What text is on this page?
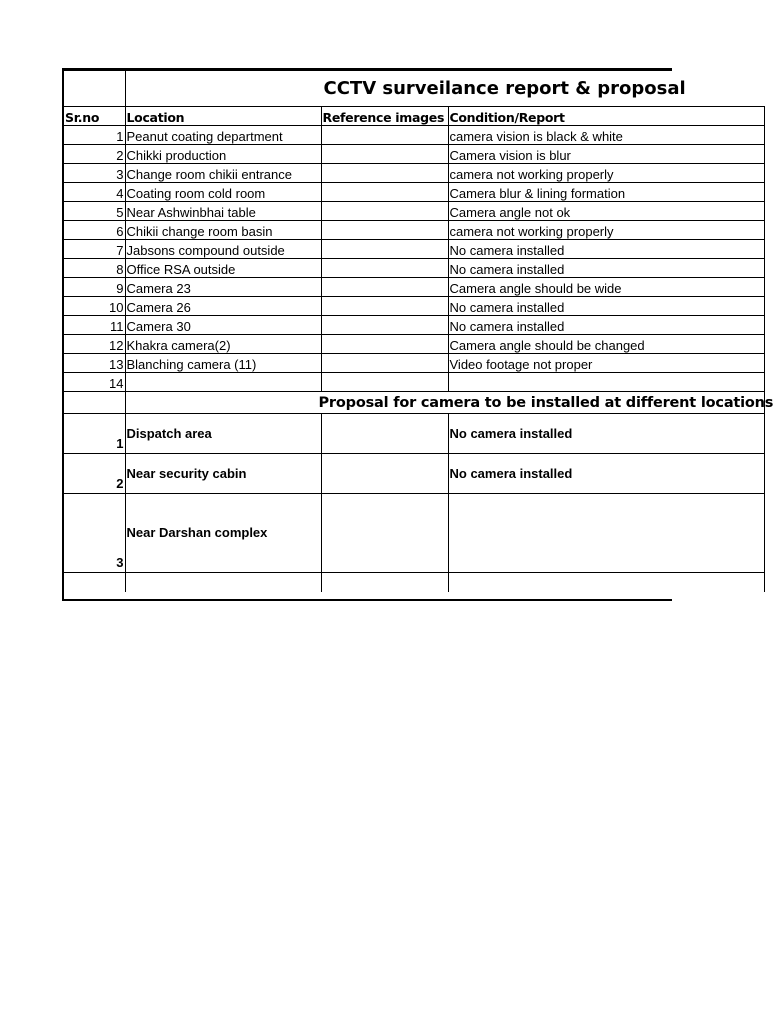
	CCTV surveilance report & proposal		
Sr.no	Location	Reference images	Condition/Report
1	Peanut coating department		camera vision is black & white
2	Chikki production		Camera vision is blur
3	Change room chikii entrance		camera not working properly
4	Coating room cold room		Camera blur & lining formation
5	Near Ashwinbhai table		Camera angle not ok
6	Chikii change room basin		camera not working properly
7	Jabsons compound outside		No camera installed
8	Office RSA outside		No camera installed
9	Camera 23		Camera angle should be wide
10	Camera 26		No camera installed
11	Camera 30		No camera installed
12	Khakra camera(2)		Camera angle should be changed
13	Blanching camera (11)		Video footage not proper
14			
	Proposal for camera to be installed at different locations		
1	Dispatch area		No camera installed
2	Near security cabin		No camera installed
3	Near Darshan complex		
